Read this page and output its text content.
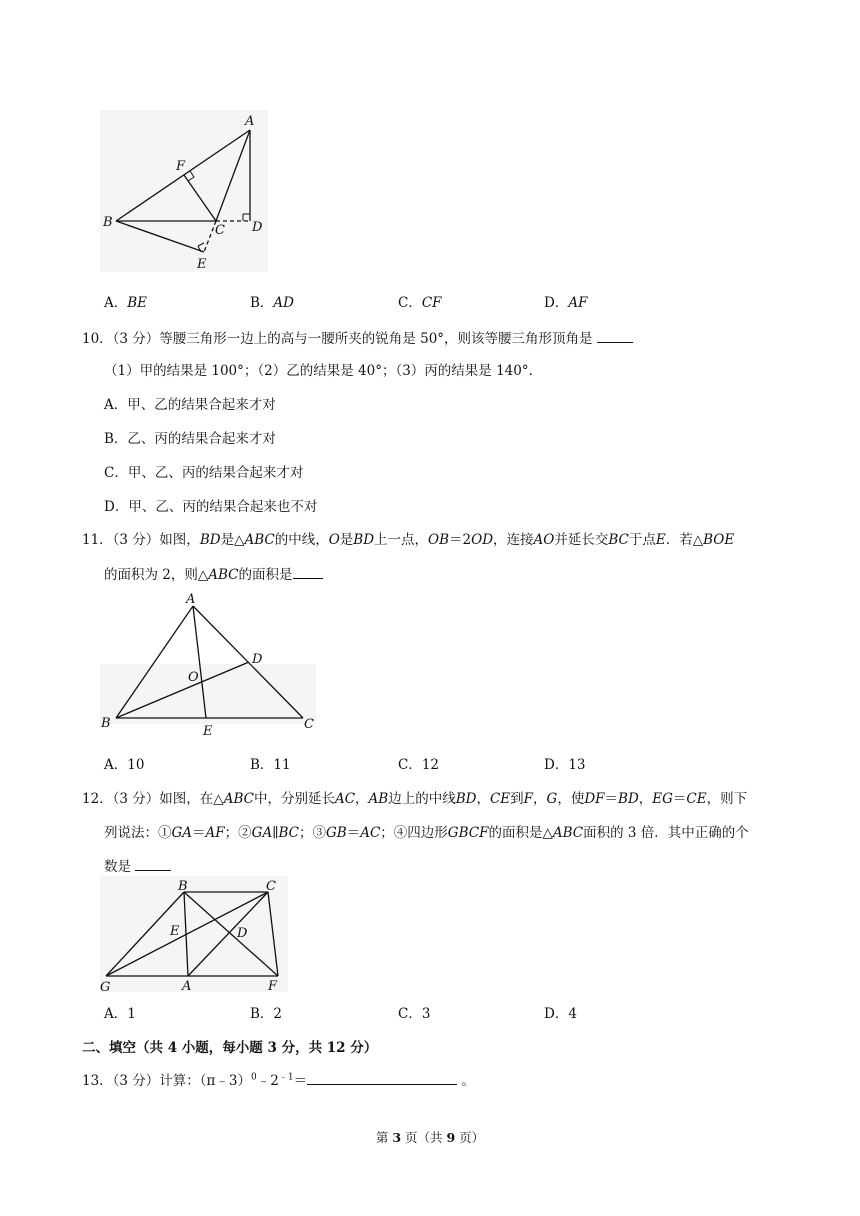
A
F
B
C D
E
A．BE	B．AD	C．CF	D．AF
10．（3 分）等腰三角形一边上的高与一腰所夹的锐角是 50°，则该等腰三角形顶角是
（1）甲的结果是 100°；（2）乙的结果是 40°；（3）丙的结果是 140°．
A．甲、乙的结果合起来才对
B．乙、丙的结果合起来才对
C．甲、乙、丙的结果合起来才对
D．甲、乙、丙的结果合起来也不对
11．（3 分）如图，BD是△ABC的中线，O是BD上一点，OB＝2OD，连接AO并延长交BC于点E．若△BOE
的面积为 2，则△ABC的面积是
A
D
O
B
E	C
A．10	B．11	C．12	D．13
12．（3 分）如图，在△ABC中，分别延长AC，AB边上的中线BD，CE到F，G，使DF＝BD，EG＝CE，则下
列说法：①GA＝AF；②GA∥BC；③GB＝AC；④四边形GBCF的面积是△ABC面积的 3 倍．其中正确的个
数是
B	C
E	D
G	A	F
A．1	B．2	C．3	D．4
二、填空（共 4 小题，每小题 3 分，共 12 分）
13．（3 分）计算：$(\pi﹣3)^0﹣2^{﹣1}=$	。
第 3 页（共 9 页）
